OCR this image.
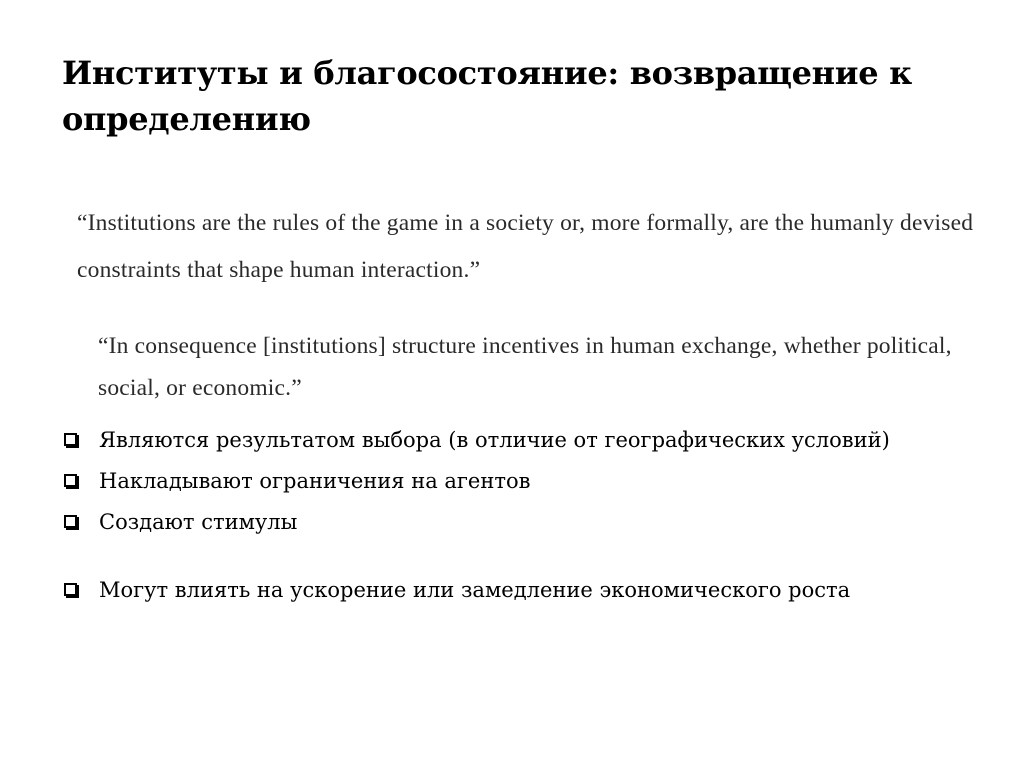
Институты и благосостояние: возвращение к определению

“Institutions are the rules of the game in a society or, more formally, are the humanly devised constraints that shape human interaction.”

“In consequence [institutions] structure incentives in human exchange, whether political, social, or economic.”

Являются результатом выбора (в отличие от географических условий)
Накладывают ограничения на агентов
Создают стимулы
Могут влиять на ускорение или замедление экономического роста
